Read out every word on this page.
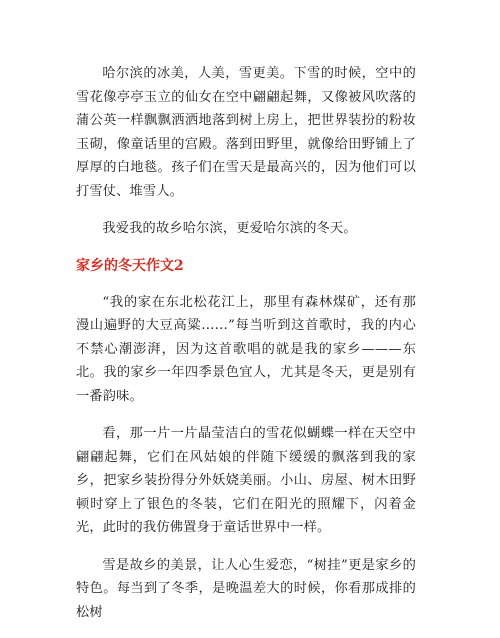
哈尔滨的冰美，人美，雪更美。下雪的时候，空中的雪花像亭亭玉立的仙女在空中翩翩起舞，又像被风吹落的蒲公英一样飘飘洒洒地落到树上房上，把世界装扮的粉妆玉砌，像童话里的宫殿。落到田野里，就像给田野铺上了厚厚的白地毯。孩子们在雪天是最高兴的，因为他们可以打雪仗、堆雪人。

我爱我的故乡哈尔滨，更爱哈尔滨的冬天。

家乡的冬天作文2

“我的家在东北松花江上，那里有森林煤矿，还有那漫山遍野的大豆高粱……”每当听到这首歌时，我的内心不禁心潮澎湃，因为这首歌唱的就是我的家乡———东北。我的家乡一年四季景色宜人，尤其是冬天，更是别有一番韵味。

看，那一片一片晶莹洁白的雪花似蝴蝶一样在天空中翩翩起舞，它们在风姑娘的伴随下缓缓的飘落到我的家乡，把家乡装扮得分外妖娆美丽。小山、房屋、树木田野顿时穿上了银色的冬装，它们在阳光的照耀下，闪着金光，此时的我仿佛置身于童话世界中一样。

雪是故乡的美景，让人心生爱恋，“树挂”更是家乡的特色。每当到了冬季，是晚温差大的时候，你看那成排的松树
